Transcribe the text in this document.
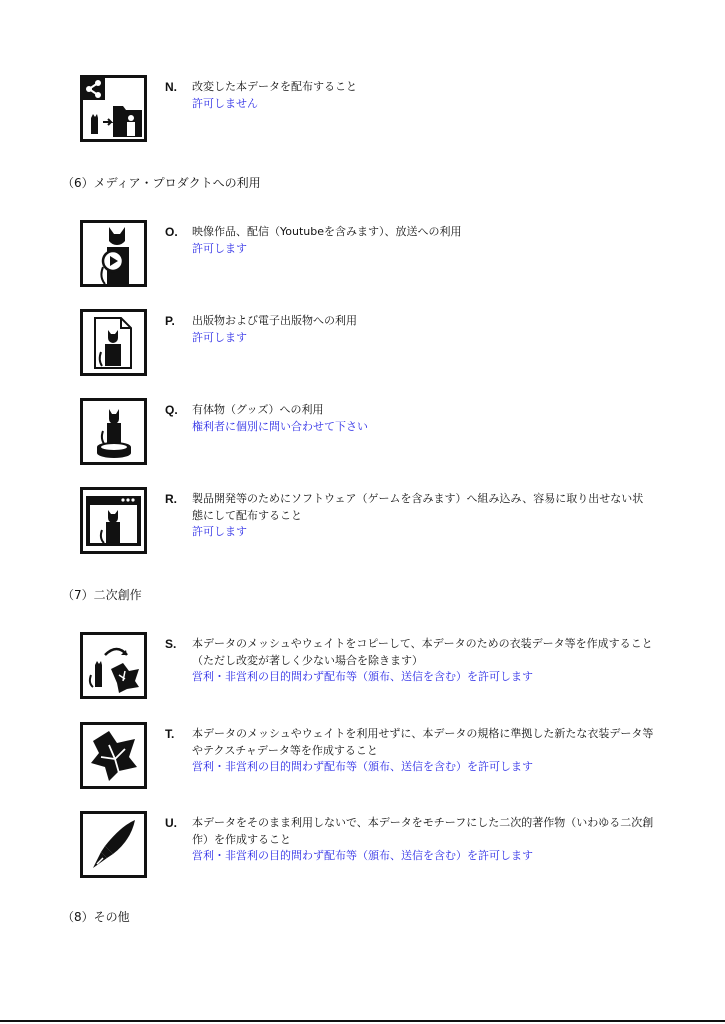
N. 改変した本データを配布すること
許可しません
（6）メディア・プロダクトへの利用
O. 映像作品、配信（Youtubeを含みます）、放送への利用
許可します
P. 出版物および電子出版物への利用
許可します
Q. 有体物（グッズ）への利用
権利者に個別に問い合わせて下さい
R. 製品開発等のためにソフトウェア（ゲームを含みます）へ組み込み、容易に取り出せない状
態にして配布すること
許可します
（7）二次創作
S. 本データのメッシュやウェイトをコピーして、本データのための衣装データ等を作成すること
（ただし改変が著しく少ない場合を除きます）
営利・非営利の目的問わず配布等（頒布、送信を含む）を許可します
T. 本データのメッシュやウェイトを利用せずに、本データの規格に準拠した新たな衣装データ等
やテクスチャデータ等を作成すること
営利・非営利の目的問わず配布等（頒布、送信を含む）を許可します
U. 本データをそのまま利用しないで、本データをモチーフにした二次的著作物（いわゆる二次創
作）を作成すること
営利・非営利の目的問わず配布等（頒布、送信を含む）を許可します
（8）その他
